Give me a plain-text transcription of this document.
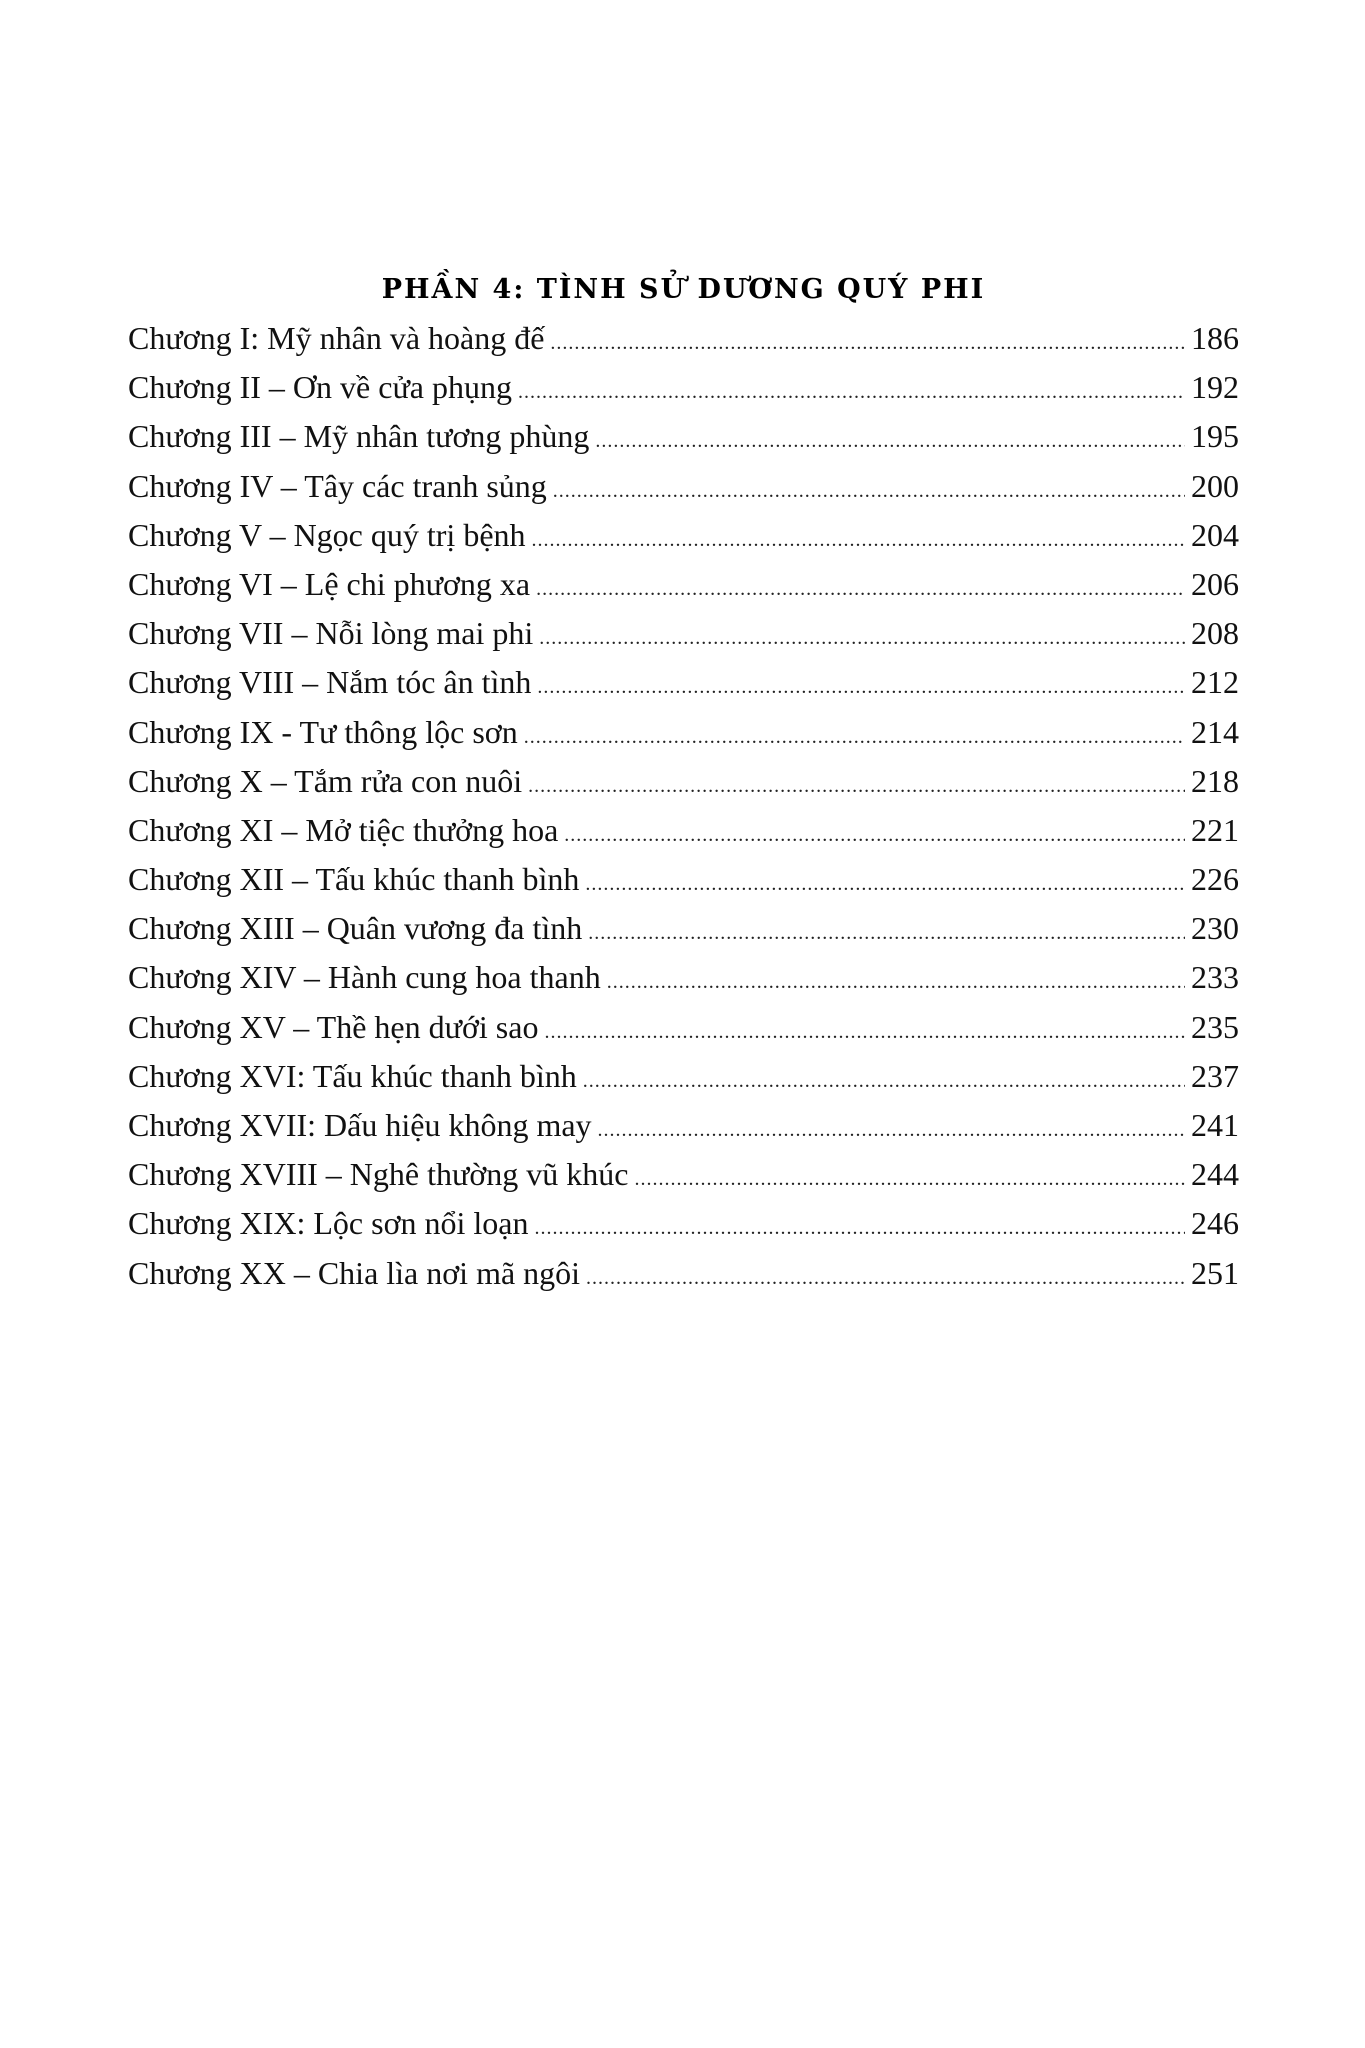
PHẦN 4: TÌNH SỬ DƯƠNG QUÝ PHI
Chương I: Mỹ nhân và hoàng đế .....	186
Chương II – Ơn về cửa phụng .....	192
Chương III – Mỹ nhân tương phùng .....	195
Chương IV – Tây các tranh sủng .....	200
Chương V – Ngọc quý trị bệnh .....	204
Chương VI – Lệ chi phương xa .....	206
Chương VII – Nỗi lòng mai phi .....	208
Chương VIII – Nắm tóc ân tình .....	212
Chương IX - Tư thông lộc sơn .....	214
Chương X – Tắm rửa con nuôi .....	218
Chương XI – Mở tiệc thưởng hoa .....	221
Chương XII – Tấu khúc thanh bình .....	226
Chương XIII – Quân vương đa tình .....	230
Chương XIV – Hành cung hoa thanh .....	233
Chương XV – Thề hẹn dưới sao .....	235
Chương XVI: Tấu khúc thanh bình .....	237
Chương XVII: Dấu hiệu không may .....	241
Chương XVIII – Nghê thường vũ khúc .....	244
Chương XIX: Lộc sơn nổi loạn .....	246
Chương XX – Chia lìa nơi mã ngôi .....	251
